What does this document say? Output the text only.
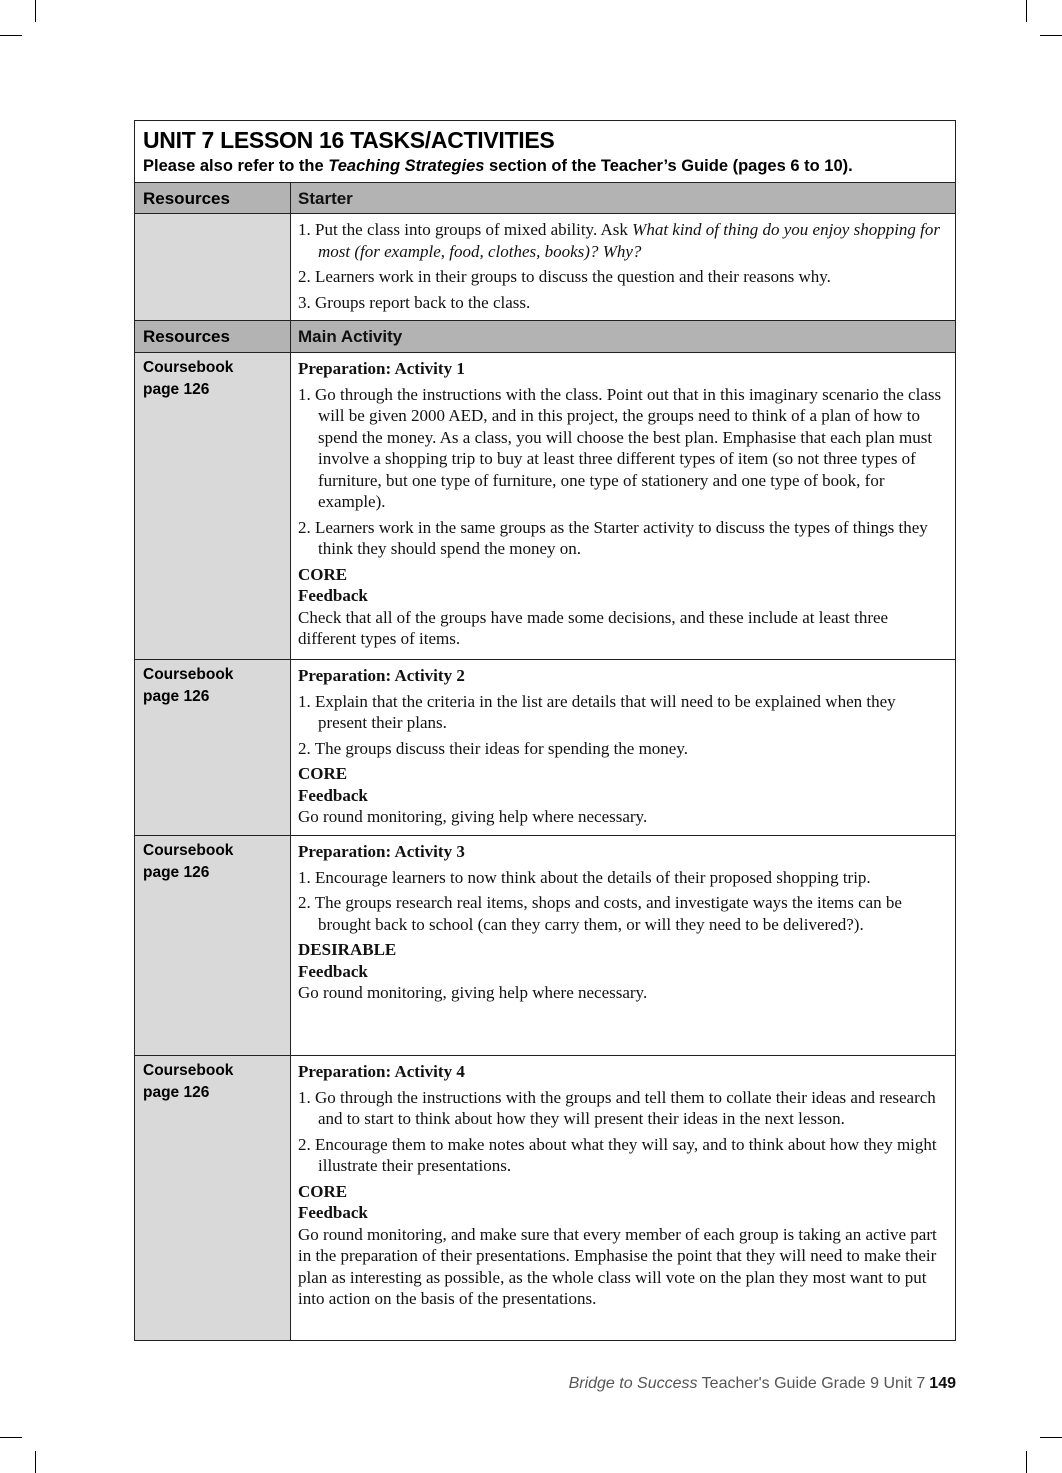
UNIT 7 LESSON 16 TASKS/ACTIVITIES
Please also refer to the Teaching Strategies section of the Teacher’s Guide (pages 6 to 10).
Resources	Starter
1. Put the class into groups of mixed ability. Ask What kind of thing do you enjoy shopping for most (for example, food, clothes, books)? Why?
2. Learners work in their groups to discuss the question and their reasons why.
3. Groups report back to the class.
Resources	Main Activity
Coursebook page 126
Preparation: Activity 1
1. Go through the instructions with the class. Point out that in this imaginary scenario the class will be given 2000 AED, and in this project, the groups need to think of a plan of how to spend the money. As a class, you will choose the best plan. Emphasise that each plan must involve a shopping trip to buy at least three different types of item (so not three types of furniture, but one type of furniture, one type of stationery and one type of book, for example).
2. Learners work in the same groups as the Starter activity to discuss the types of things they think they should spend the money on.
CORE
Feedback
Check that all of the groups have made some decisions, and these include at least three different types of items.
Coursebook page 126
Preparation: Activity 2
1. Explain that the criteria in the list are details that will need to be explained when they present their plans.
2. The groups discuss their ideas for spending the money.
CORE
Feedback
Go round monitoring, giving help where necessary.
Coursebook page 126
Preparation: Activity 3
1. Encourage learners to now think about the details of their proposed shopping trip.
2. The groups research real items, shops and costs, and investigate ways the items can be brought back to school (can they carry them, or will they need to be delivered?).
DESIRABLE
Feedback
Go round monitoring, giving help where necessary.
Coursebook page 126
Preparation: Activity 4
1. Go through the instructions with the groups and tell them to collate their ideas and research and to start to think about how they will present their ideas in the next lesson.
2. Encourage them to make notes about what they will say, and to think about how they might illustrate their presentations.
CORE
Feedback
Go round monitoring, and make sure that every member of each group is taking an active part in the preparation of their presentations. Emphasise the point that they will need to make their plan as interesting as possible, as the whole class will vote on the plan they most want to put into action on the basis of the presentations.
Bridge to Success Teacher's Guide Grade 9 Unit 7 149
